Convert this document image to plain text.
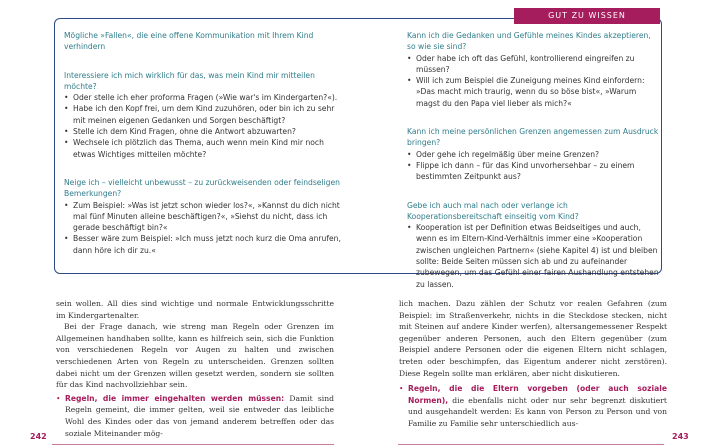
GUT ZU WISSEN

Mögliche »Fallen«, die eine offene Kommunikation mit Ihrem Kind verhindern

Interessiere ich mich wirklich für das, was mein Kind mir mitteilen möchte?

• Oder stelle ich eher proforma Fragen (»Wie war's im Kindergarten?«).
• Habe ich den Kopf frei, um dem Kind zuzuhören, oder bin ich zu sehr mit meinen eigenen Gedanken und Sorgen beschäftigt?
• Stelle ich dem Kind Fragen, ohne die Antwort abzuwarten?
• Wechsele ich plötzlich das Thema, auch wenn mein Kind mir noch etwas Wichtiges mitteilen möchte?

Neige ich – vielleicht unbewusst – zu zurückweisenden oder feindseligen Bemerkungen?

• Zum Beispiel: »Was ist jetzt schon wieder los?«, »Kannst du dich nicht mal fünf Minuten alleine beschäftigen?«, »Siehst du nicht, dass ich gerade beschäftigt bin?«
• Besser wäre zum Beispiel: »Ich muss jetzt noch kurz die Oma anrufen, dann höre ich dir zu.«

Kann ich die Gedanken und Gefühle meines Kindes akzeptieren, so wie sie sind?

• Oder habe ich oft das Gefühl, kontrollierend eingreifen zu müssen?
• Will ich zum Beispiel die Zuneigung meines Kind einfordern: »Das macht mich traurig, wenn du so böse bist«, »Warum magst du den Papa viel lieber als mich?«

Kann ich meine persönlichen Grenzen angemessen zum Ausdruck bringen?

• Oder gehe ich regelmäßig über meine Grenzen?
• Flippe ich dann – für das Kind unvorhersehbar – zu einem bestimmten Zeitpunkt aus?

Gebe ich auch mal nach oder verlange ich Kooperationsbereitschaft einseitig vom Kind?

• Kooperation ist per Definition etwas Beidseitiges und auch, wenn es im Eltern-Kind-Verhältnis immer eine »Kooperation zwischen ungleichen Partnern« (siehe Kapitel 4) ist und bleiben sollte: Beide Seiten müssen sich ab und zu aufeinander zubewegen, um das Gefühl einer fairen Aushandlung entstehen zu lassen.

sein wollen. All dies sind wichtige und normale Entwicklungsschritte im Kindergartenalter.

Bei der Frage danach, wie streng man Regeln oder Grenzen im Allgemeinen handhaben sollte, kann es hilfreich sein, sich die Funktion von verschiedenen Regeln vor Augen zu halten und zwischen verschiedenen Arten von Regeln zu unterscheiden. Grenzen sollten dabei nicht um der Grenzen willen gesetzt werden, sondern sie sollten für das Kind nachvollziehbar sein.

• Regeln, die immer eingehalten werden müssen: Damit sind Regeln gemeint, die immer gelten, weil sie entweder das leibliche Wohl des Kindes oder das von jemand anderem betreffen oder das soziale Miteinander mög-

lich machen. Dazu zählen der Schutz vor realen Gefahren (zum Beispiel: im Straßenverkehr, nichts in die Steckdose stecken, nicht mit Steinen auf andere Kinder werfen), altersangemessener Respekt gegenüber anderen Personen, auch den Eltern gegenüber (zum Beispiel andere Personen oder die eigenen Eltern nicht schlagen, treten oder beschimpfen, das Eigentum anderer nicht zerstören). Diese Regeln sollte man erklären, aber nicht diskutieren.

• Regeln, die die Eltern vorgeben (oder auch soziale Normen), die ebenfalls nicht oder nur sehr begrenzt diskutiert und ausgehandelt werden: Es kann von Person zu Person und von Familie zu Familie sehr unterschiedlich aus-
242	243
